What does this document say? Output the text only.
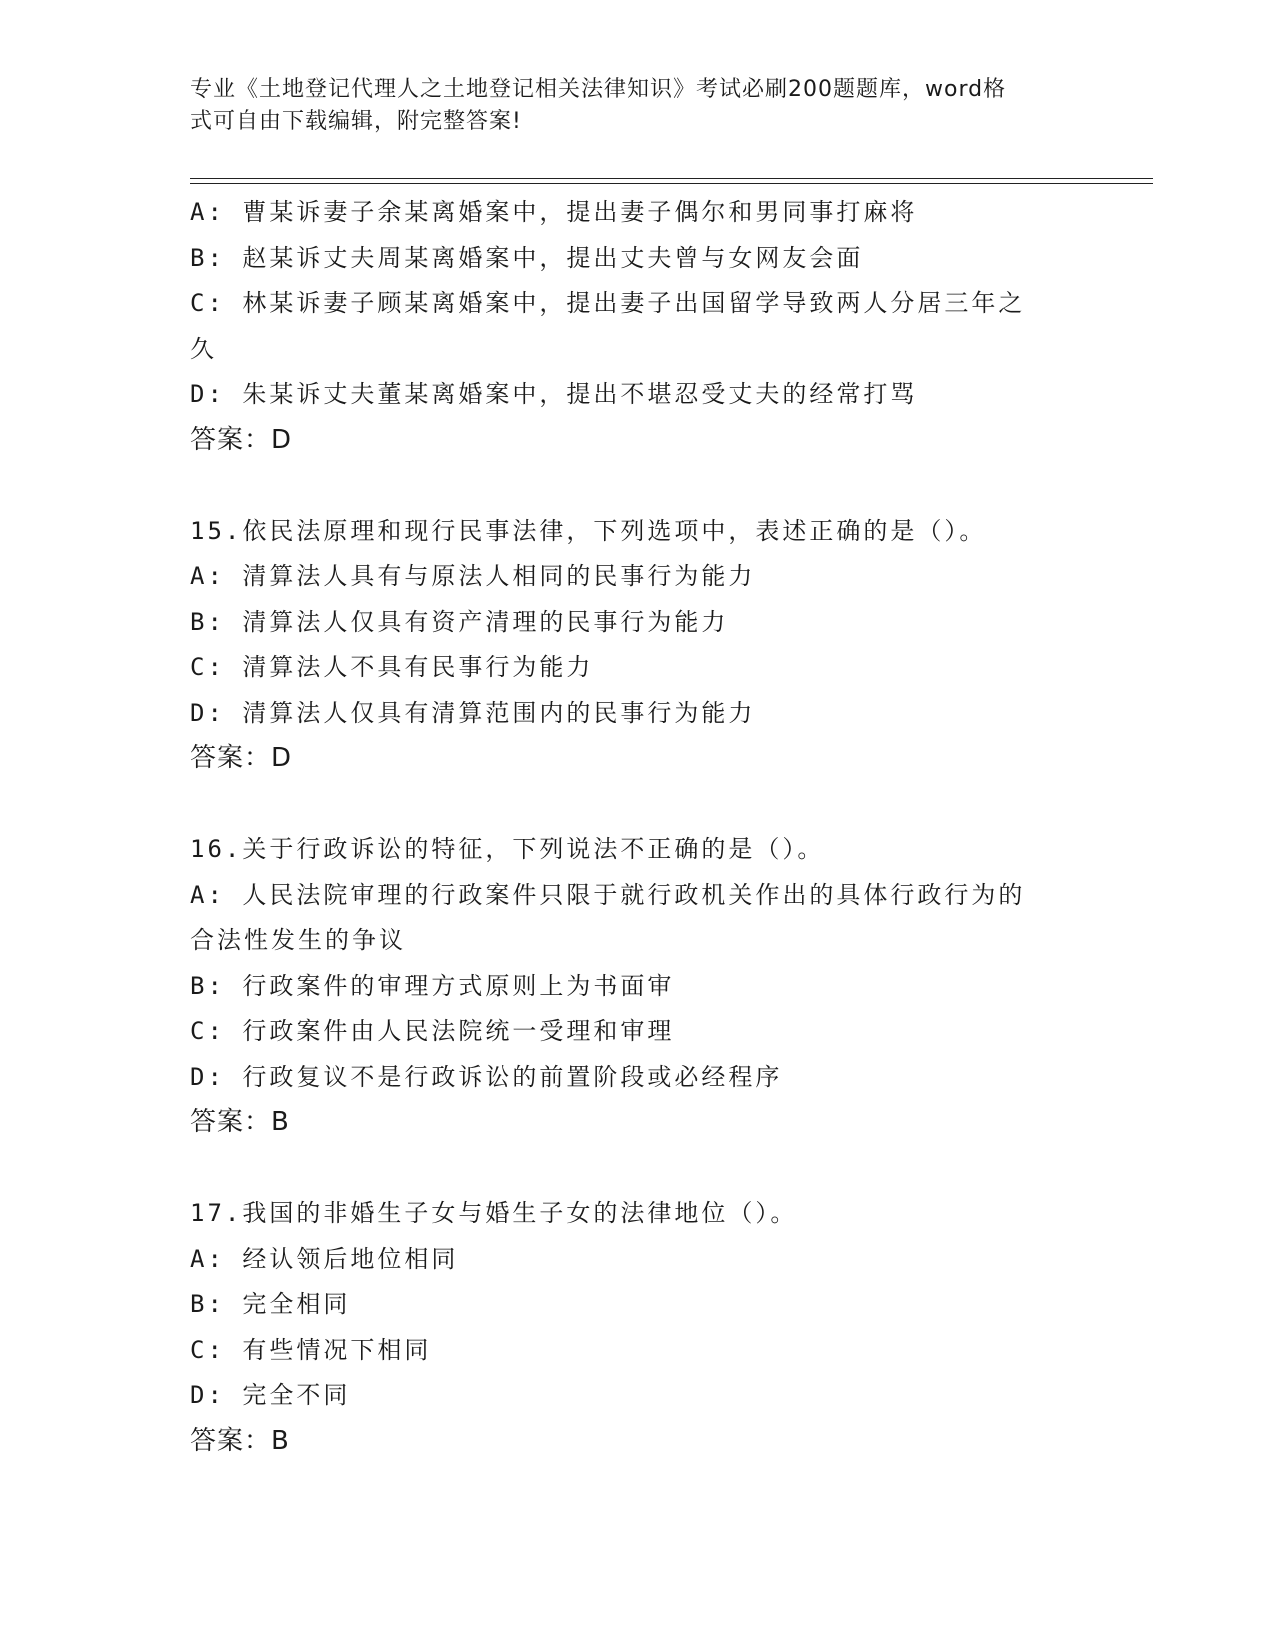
专业《土地登记代理人之土地登记相关法律知识》考试必刷200题题库，word格
式可自由下载编辑，附完整答案!
A: 曹某诉妻子余某离婚案中，提出妻子偶尔和男同事打麻将
B: 赵某诉丈夫周某离婚案中，提出丈夫曾与女网友会面
C: 林某诉妻子顾某离婚案中，提出妻子出国留学导致两人分居三年之
久
D: 朱某诉丈夫董某离婚案中，提出不堪忍受丈夫的经常打骂
答案：D
15.依民法原理和现行民事法律，下列选项中，表述正确的是（）。
A: 清算法人具有与原法人相同的民事行为能力
B: 清算法人仅具有资产清理的民事行为能力
C: 清算法人不具有民事行为能力
D: 清算法人仅具有清算范围内的民事行为能力
答案：D
16.关于行政诉讼的特征，下列说法不正确的是（）。
A: 人民法院审理的行政案件只限于就行政机关作出的具体行政行为的
合法性发生的争议
B: 行政案件的审理方式原则上为书面审
C: 行政案件由人民法院统一受理和审理
D: 行政复议不是行政诉讼的前置阶段或必经程序
答案：B
17.我国的非婚生子女与婚生子女的法律地位（）。
A: 经认领后地位相同
B: 完全相同
C: 有些情况下相同
D: 完全不同
答案：B
